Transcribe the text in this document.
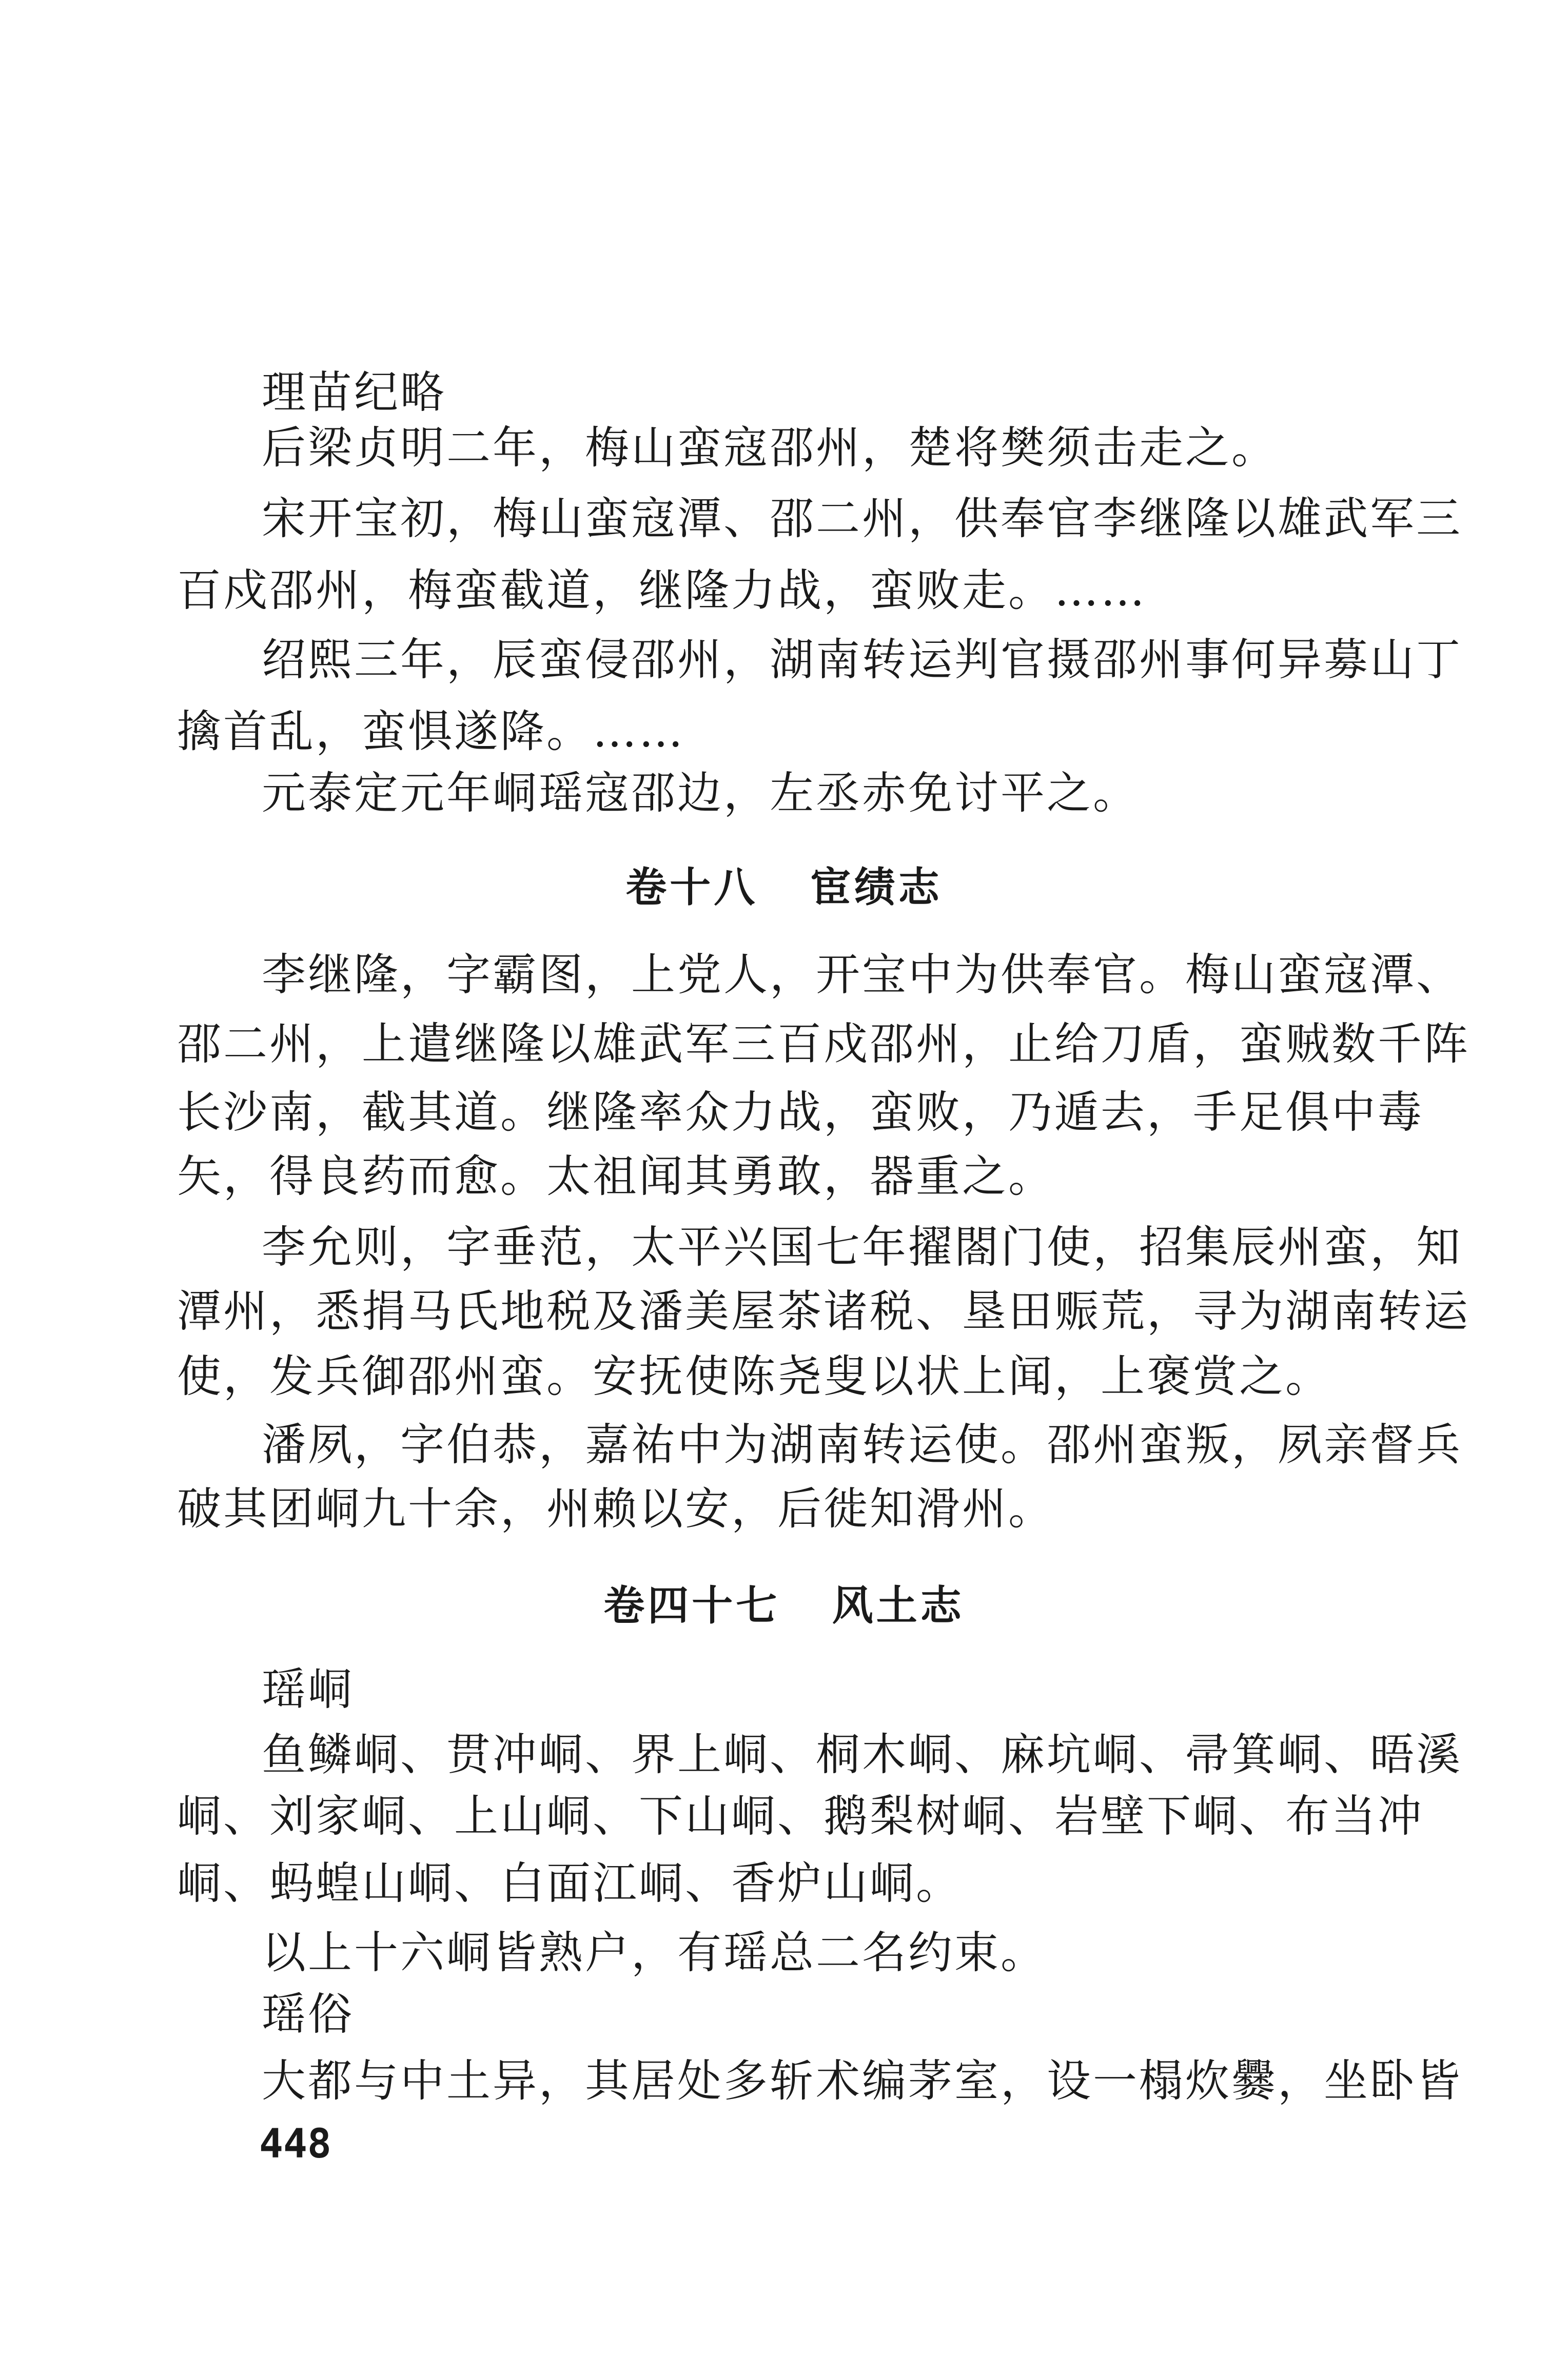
理苗纪略
后梁贞明二年，梅山蛮寇邵州，楚将樊须击走之。
宋开宝初，梅山蛮寇潭、邵二州，供奉官李继隆以雄武军三
百戍邵州，梅蛮截道，继隆力战，蛮败走。……
绍熙三年，辰蛮侵邵州，湖南转运判官摄邵州事何异募山丁
擒首乱，蛮惧遂降。……
元泰定元年峒瑶寇邵边，左丞赤免讨平之。
卷十八   宦绩志
李继隆，字霸图，上党人，开宝中为供奉官。梅山蛮寇潭、
邵二州，上遣继隆以雄武军三百戍邵州，止给刀盾，蛮贼数千阵
长沙南，截其道。继隆率众力战，蛮败，乃遁去，手足俱中毒
矢，得良药而愈。太祖闻其勇敢，器重之。
李允则，字垂范，太平兴国七年擢閤门使，招集辰州蛮，知
潭州，悉捐马氏地税及潘美屋茶诸税、垦田赈荒，寻为湖南转运
使，发兵御邵州蛮。安抚使陈尧叟以状上闻，上褒赏之。
潘夙，字伯恭，嘉祐中为湖南转运使。邵州蛮叛，夙亲督兵
破其团峒九十余，州赖以安，后徙知滑州。
卷四十七   风土志
瑶峒
鱼鳞峒、贯冲峒、界上峒、桐木峒、麻坑峒、帚箕峒、晤溪
峒、刘家峒、上山峒、下山峒、鹅梨树峒、岩壁下峒、布当冲
峒、蚂蝗山峒、白面江峒、香炉山峒。
以上十六峒皆熟户，有瑶总二名约束。
瑶俗
大都与中土异，其居处多斩术编茅室，设一榻炊爨，坐卧皆
448
